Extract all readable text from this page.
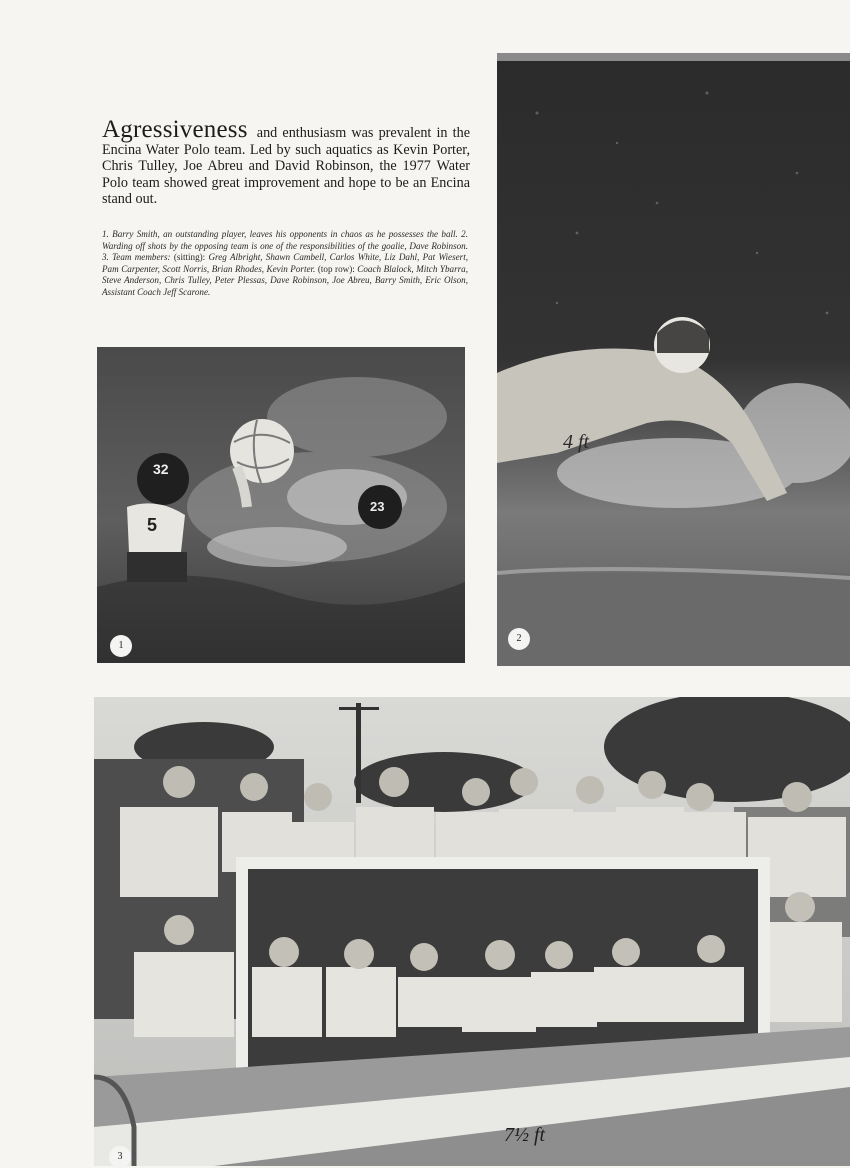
Agressiveness and enthusiasm was prevalent in the Encina Water Polo team. Led by such aquatics as Kevin Porter, Chris Tulley, Joe Abreu and David Robinson, the 1977 Water Polo team showed great improvement and hope to be an Encina stand out.
1. Barry Smith, an outstanding player, leaves his opponents in chaos as he possesses the ball. 2. Warding off shots by the opposing team is one of the responsibilities of the goalie, Dave Robinson. 3. Team members: (sitting): Greg Albright, Shawn Cambell, Carlos White, Liz Dahl, Pat Wiesert, Pam Carpenter, Scott Norris, Brian Rhodes, Kevin Porter. (top row): Coach Blalock, Mitch Ybarra, Steve Anderson, Chris Tulley, Peter Plessas, Dave Robinson, Joe Abreu, Barry Smith, Eric Olson, Assistant Coach Jeff Scarone.
32
5
23
1
4 ft
2
7½ ft
3
